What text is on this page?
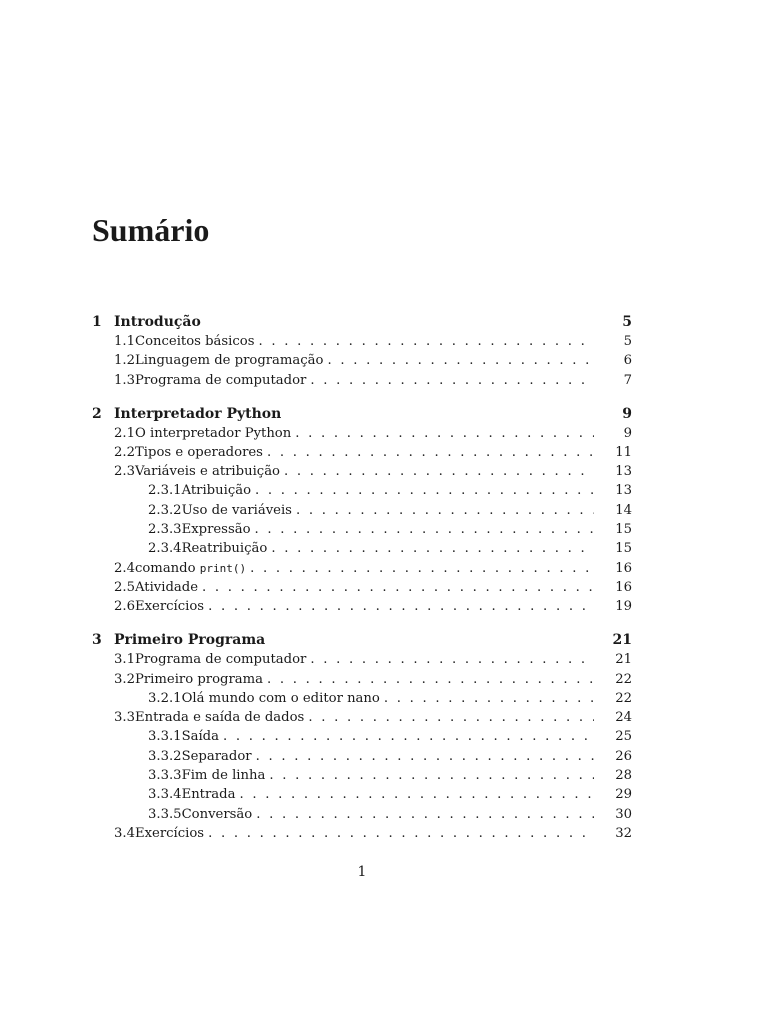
Sumário
1 Introdução	5
1.1 Conceitos básicos . . .	5
1.2 Linguagem de programação . . .	6
1.3 Programa de computador . . .	7
2 Interpretador Python	9
2.1 O interpretador Python . . .	9
2.2 Tipos e operadores . . .	11
2.3 Variáveis e atribuição . . .	13
2.3.1 Atribuição . . .	13
2.3.2 Uso de variáveis . . .	14
2.3.3 Expressão . . .	15
2.3.4 Reatribuição . . .	15
2.4 comando print() . . .	16
2.5 Atividade . . .	16
2.6 Exercícios . . .	19
3 Primeiro Programa	21
3.1 Programa de computador . . .	21
3.2 Primeiro programa . . .	22
3.2.1 Olá mundo com o editor nano . . .	22
3.3 Entrada e saída de dados . . .	24
3.3.1 Saída . . .	25
3.3.2 Separador . . .	26
3.3.3 Fim de linha . . .	28
3.3.4 Entrada . . .	29
3.3.5 Conversão . . .	30
3.4 Exercícios . . .	32
1
